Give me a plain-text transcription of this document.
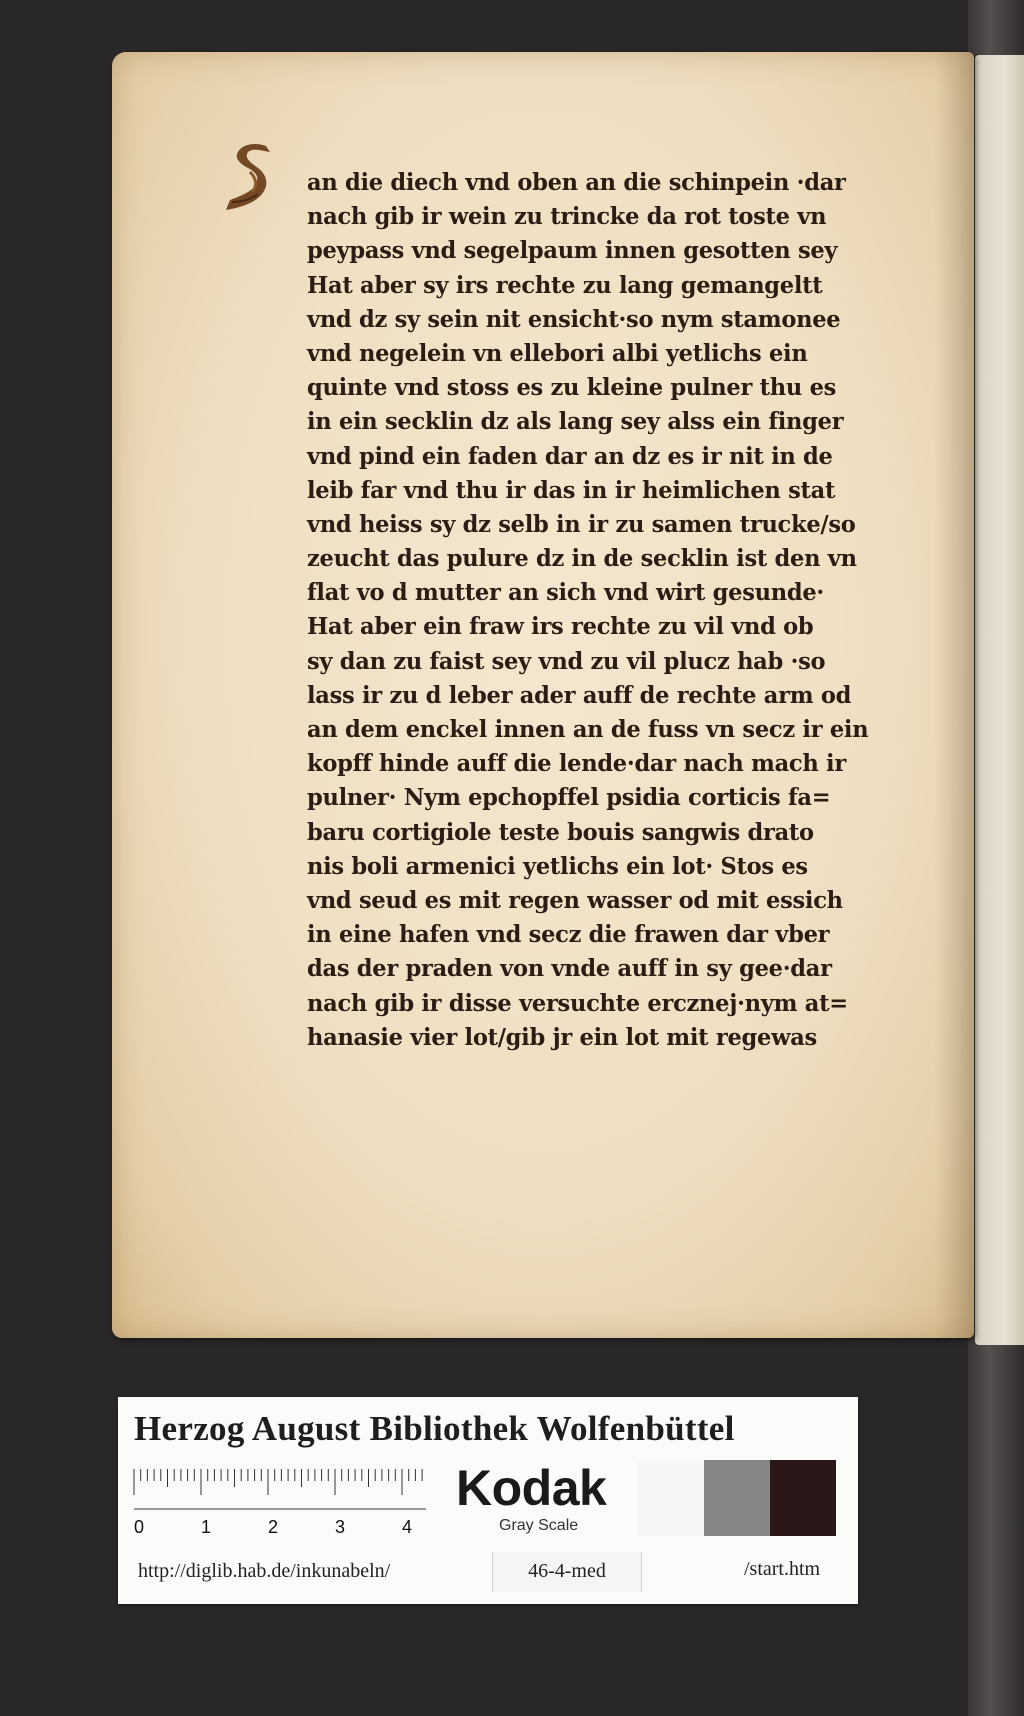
an die diech vnd oben an die schinpein ·dar
nach gib ir wein zu trincke da rot toste vn
peypass vnd segelpaum innen gesotten sey
Hat aber sy irs rechte zu lang gemangeltt
vnd dz sy sein nit ensicht·so nym stamonee
vnd negelein vn ellebori albi yetlichs ein
quinte vnd stoss es zu kleine pulner thu es
in ein secklin dz als lang sey alss ein finger
vnd pind ein faden dar an dz es ir nit in de
leib far vnd thu ir das in ir heimlichen stat
vnd heiss sy dz selb in ir zu samen trucke/so
zeucht das pulure dz in de secklin ist den vn
flat vo d mutter an sich vnd wirt gesunde·
Hat aber ein fraw irs rechte zu vil vnd ob
sy dan zu faist sey vnd zu vil plucz hab ·so
lass ir zu d leber ader auff de rechte arm od
an dem enckel innen an de fuss vn secz ir ein
kopff hinde auff die lende·dar nach mach ir
pulner· Nym epchopffel psidia corticis fa=
baru cortigiole teste bouis sangwis drato
nis boli armenici yetlichs ein lot· Stos es
vnd seud es mit regen wasser od mit essich
in eine hafen vnd secz die frawen dar vber
das der praden von vnde auff in sy gee·dar
nach gib ir disse versuchte ercznej·nym at=
hanasie vier lot/gib jr ein lot mit regewas
Herzog August Bibliothek Wolfenbüttel
0	1	2	3	4
Kodak
Gray Scale
http://diglib.hab.de/inkunabeln/	46-4-med	/start.htm
